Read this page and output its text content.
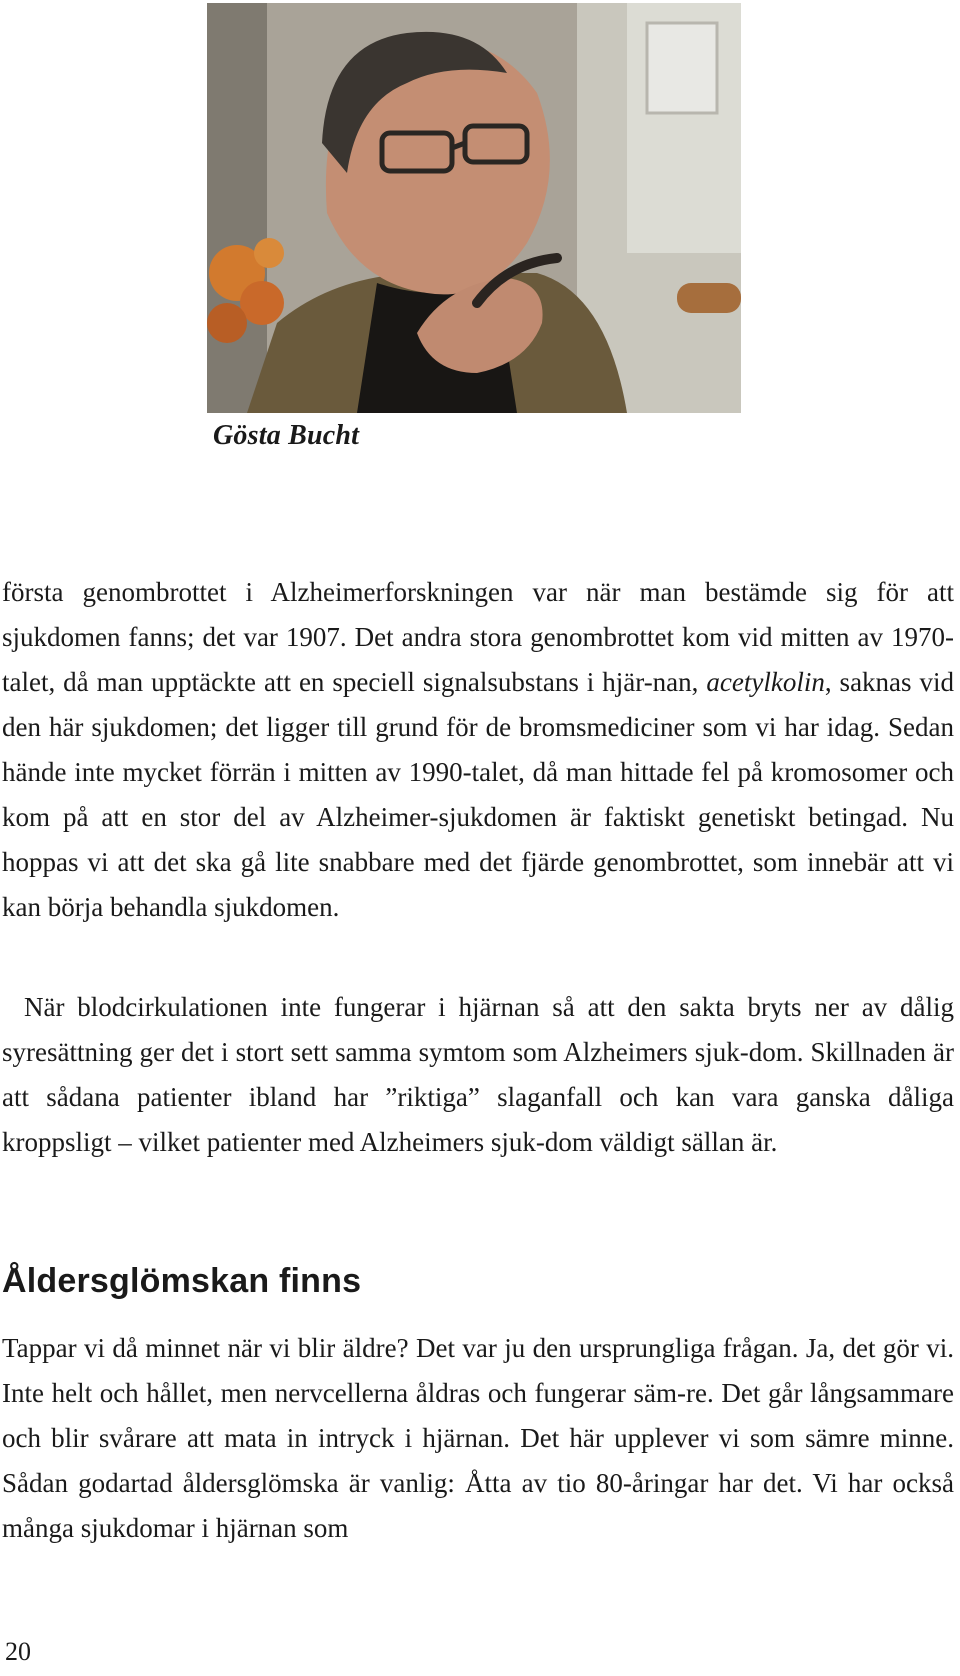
Gösta Bucht

första genombrottet i Alzheimerforskningen var när man bestämde sig för att sjukdomen fanns; det var 1907. Det andra stora genombrottet kom vid mitten av 1970-talet, då man upptäckte att en speciell signalsubstans i hjär-nan, acetylkolin, saknas vid den här sjukdomen; det ligger till grund för de bromsmediciner som vi har idag. Sedan hände inte mycket förrän i mitten av 1990-talet, då man hittade fel på kromosomer och kom på att en stor del av Alzheimer-sjukdomen är faktiskt genetiskt betingad. Nu hoppas vi att det ska gå lite snabbare med det fjärde genombrottet, som innebär att vi kan börja behandla sjukdomen.

När blodcirkulationen inte fungerar i hjärnan så att den sakta bryts ner av dålig syresättning ger det i stort sett samma symtom som Alzheimers sjuk-dom. Skillnaden är att sådana patienter ibland har ”riktiga” slaganfall och kan vara ganska dåliga kroppsligt – vilket patienter med Alzheimers sjuk-dom väldigt sällan är.

Åldersglömskan finns

Tappar vi då minnet när vi blir äldre? Det var ju den ursprungliga frågan. Ja, det gör vi. Inte helt och hållet, men nervcellerna åldras och fungerar säm-re. Det går långsammare och blir svårare att mata in intryck i hjärnan. Det här upplever vi som sämre minne. Sådan godartad åldersglömska är vanlig: Åtta av tio 80-åringar har det. Vi har också många sjukdomar i hjärnan som

20
